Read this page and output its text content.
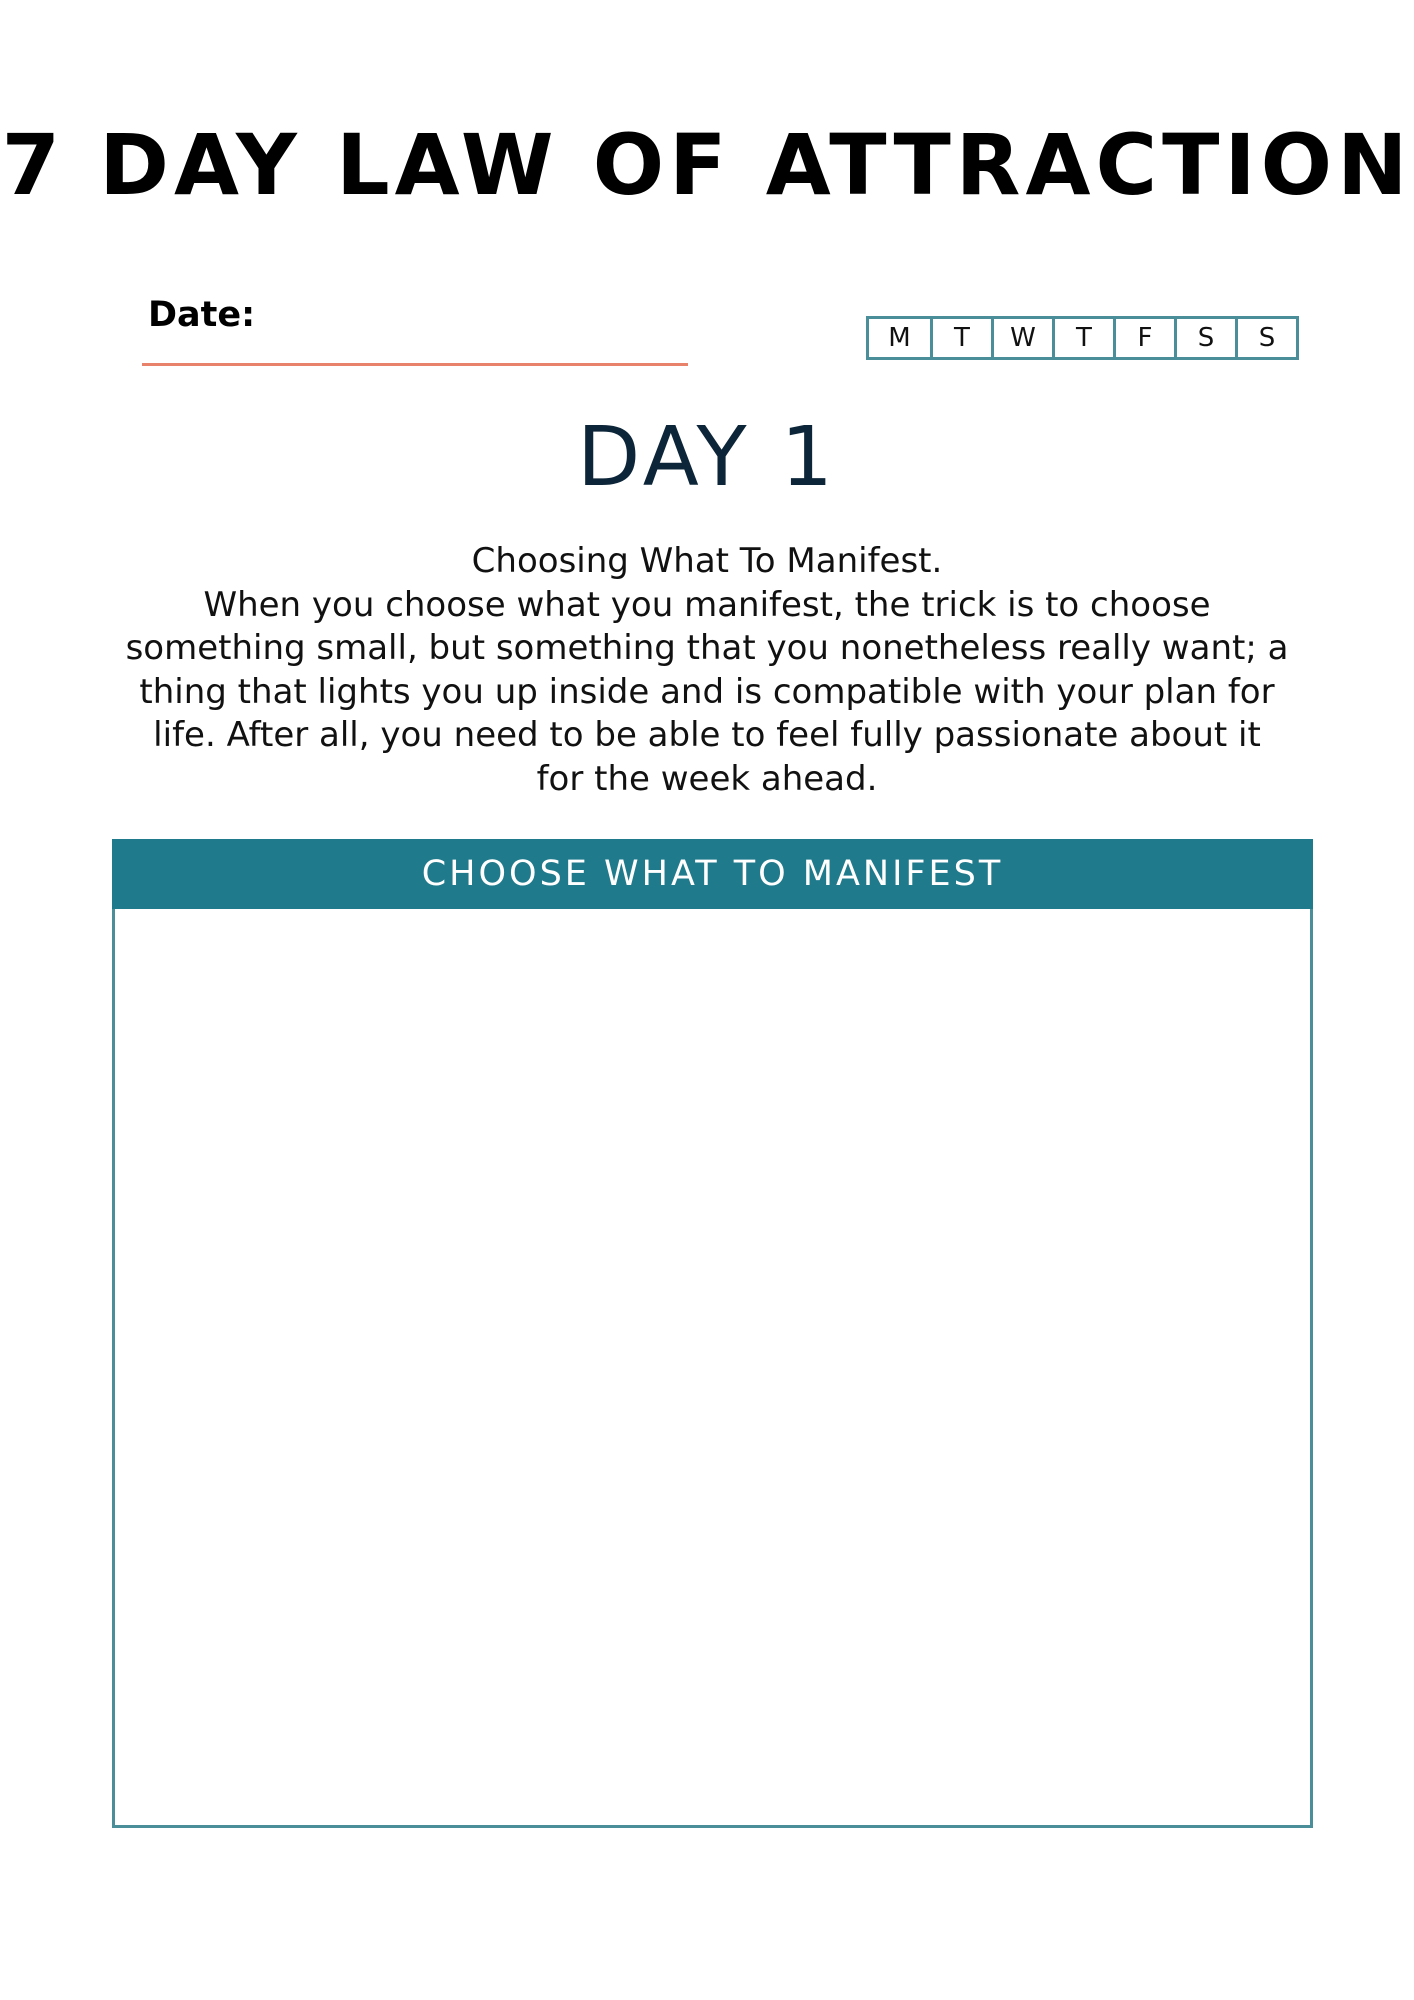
7 DAY LAW OF ATTRACTION
Date:
M	T	W	T	F	S	S
DAY 1
Choosing What To Manifest.
When you choose what you manifest, the trick is to choose
something small, but something that you nonetheless really want; a
thing that lights you up inside and is compatible with your plan for
life. After all, you need to be able to feel fully passionate about it
for the week ahead.
CHOOSE WHAT TO MANIFEST
